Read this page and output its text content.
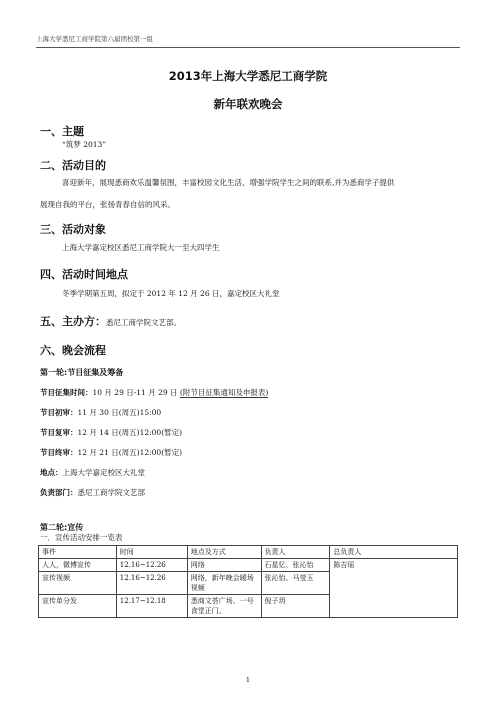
上海大学悉尼工商学院第六届团校第一组
2013年上海大学悉尼工商学院
新年联欢晚会
一、主题
“筑梦 2013”
二、活动目的
喜迎新年，展现悉商欢乐温馨氛围，丰富校园文化生活，增强学院学生之间的联系,并为悉商学子提供
展现自我的平台，张扬青春自信的风采。
三、活动对象
上海大学嘉定校区悉尼工商学院大一至大四学生
四、活动时间地点
冬季学期第五周，拟定于 2012 年 12 月 26 日，嘉定校区大礼堂
五、主办方：悉尼工商学院文艺部。
六、晚会流程
第一轮:节目征集及筹备
节目征集时间：10 月 29 日-11 月 29 日 (附节目征集通知及申报表)
节目初审：11 月 30 日(周五)15:00
节目复审：12 月 14 日(周五)12:00(暂定)
节目终审：12 月 21 日(周五)12:00(暂定)
地点：上海大学嘉定校区大礼堂
负责部门：悉尼工商学院文艺部
第二轮:宣传
一．宣传活动安排一览表
事件	时间	地点及方式	负责人	总负责人
人人，微博宣传	12.16~12.26	网络	石星忆、张沁怡	陈吉瑶
宣传视频	12.16~12.26	网络，新年晚会暖场视频	张沁怡、马莹玉	
宣传单分发	12.17~12.18	悉商文荟广场、一号食堂正门、	倪子玥	
1
